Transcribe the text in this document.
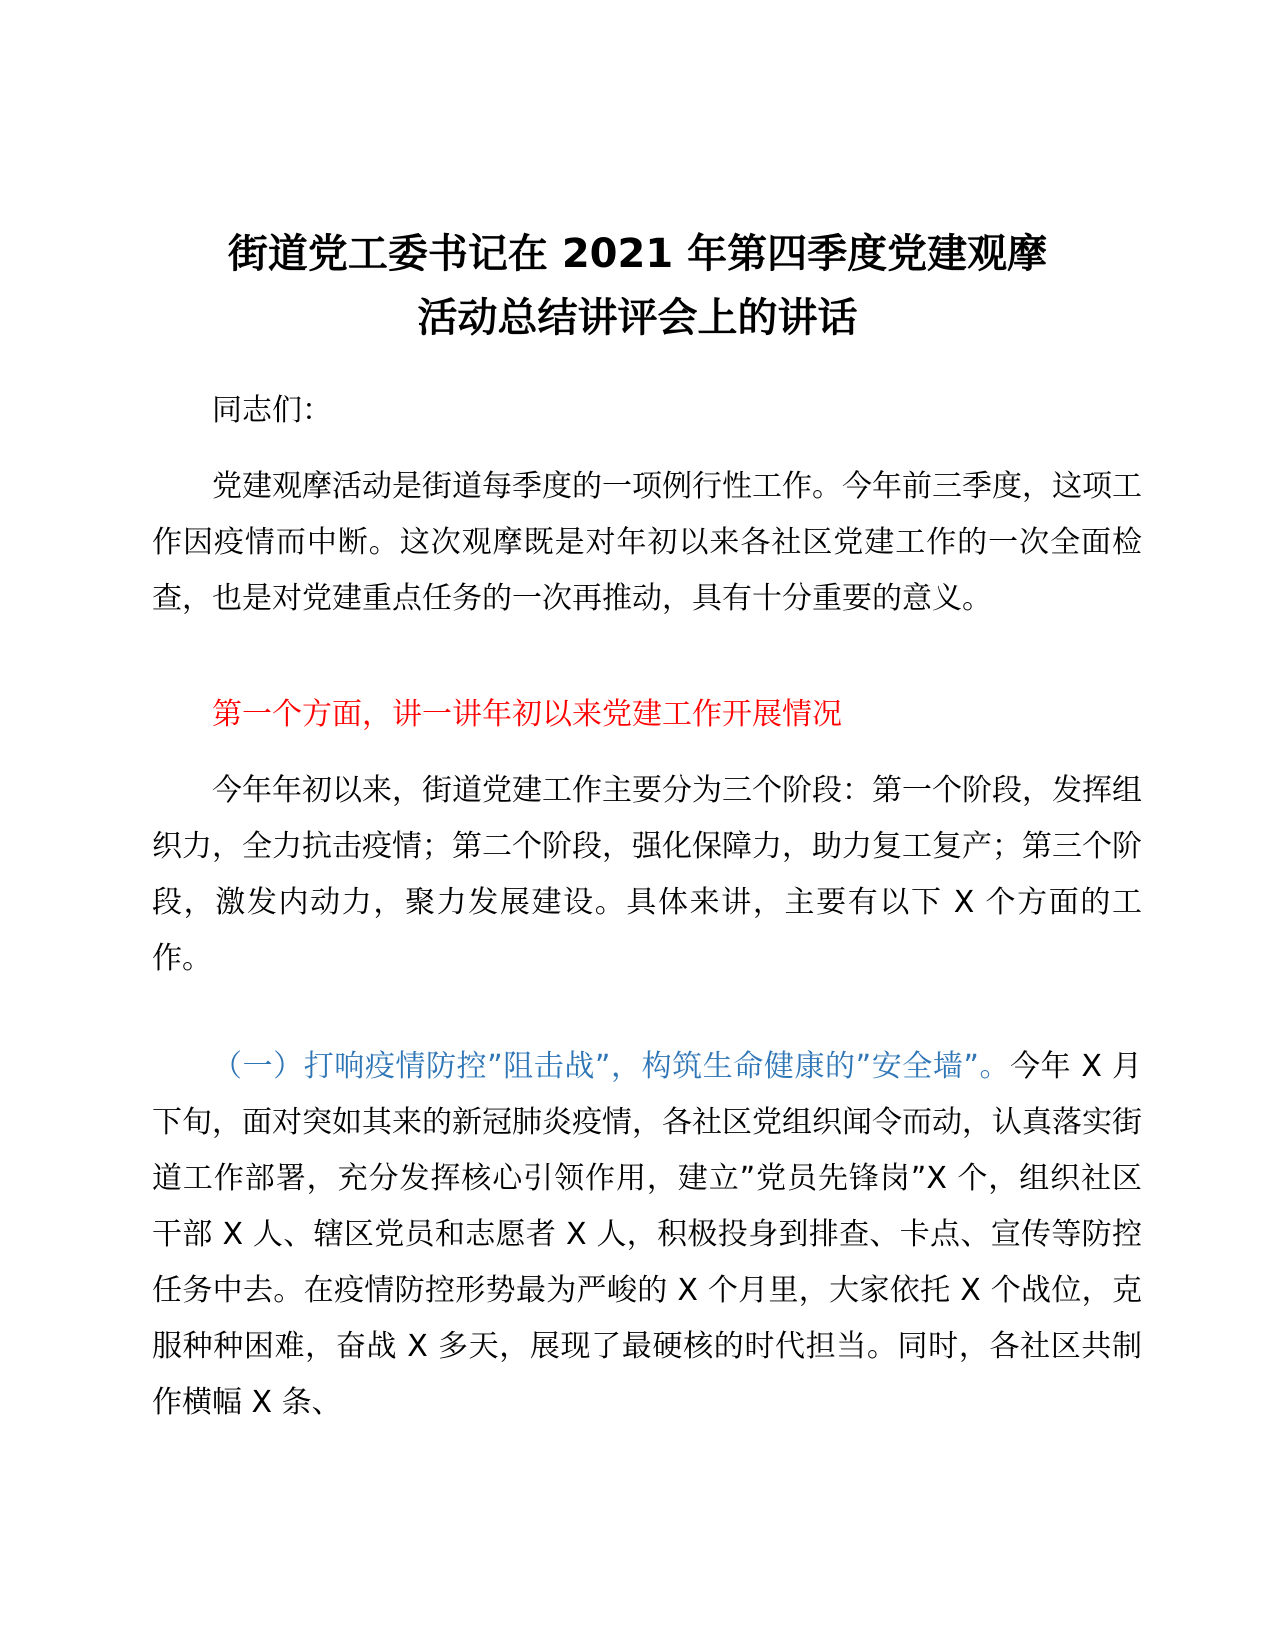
街道党工委书记在 2021 年第四季度党建观摩
活动总结讲评会上的讲话

同志们：

党建观摩活动是街道每季度的一项例行性工作。今年前三季度，这项工作因疫情而中断。这次观摩既是对年初以来各社区党建工作的一次全面检查，也是对党建重点任务的一次再推动，具有十分重要的意义。

第一个方面，讲一讲年初以来党建工作开展情况

今年年初以来，街道党建工作主要分为三个阶段：第一个阶段，发挥组织力，全力抗击疫情；第二个阶段，强化保障力，助力复工复产；第三个阶段，激发内动力，聚力发展建设。具体来讲，主要有以下 X 个方面的工作。

（一）打响疫情防控”阻击战”，构筑生命健康的”安全墙”。今年 X 月下旬，面对突如其来的新冠肺炎疫情，各社区党组织闻令而动，认真落实街道工作部署，充分发挥核心引领作用，建立”党员先锋岗”X 个，组织社区干部 X 人、辖区党员和志愿者 X 人，积极投身到排查、卡点、宣传等防控任务中去。在疫情防控形势最为严峻的 X 个月里，大家依托 X 个战位，克服种种困难，奋战 X 多天，展现了最硬核的时代担当。同时，各社区共制作横幅 X 条、
